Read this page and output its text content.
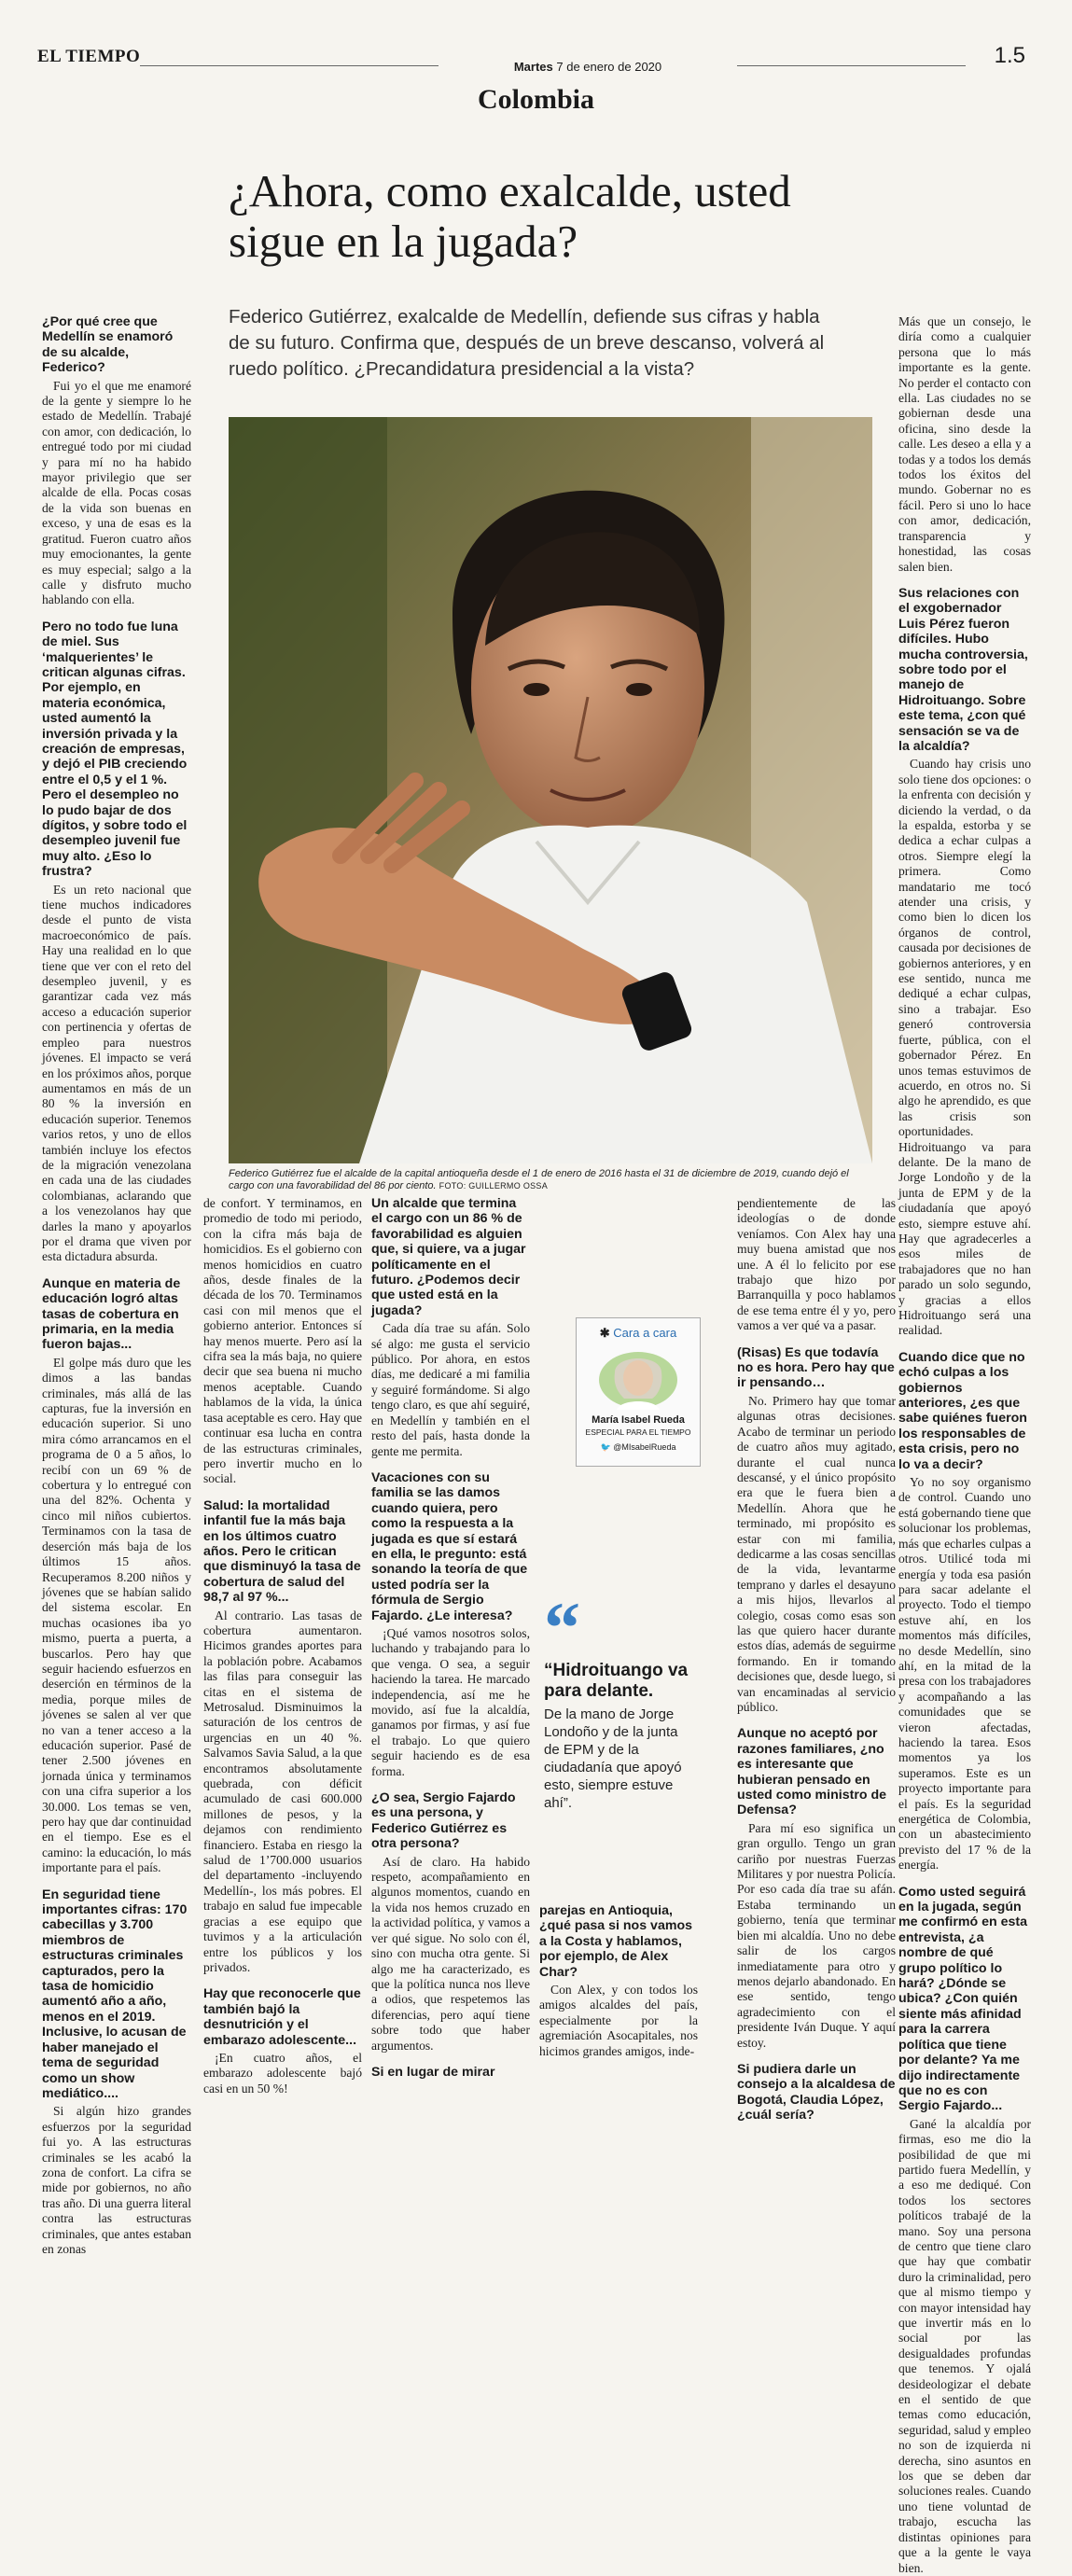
EL TIEMPO
Martes 7 de enero de 2020	1.5
Colombia
¿Ahora, como exalcalde, usted sigue en la jugada?
Federico Gutiérrez, exalcalde de Medellín, defiende sus cifras y habla de su futuro. Confirma que, después de un breve descanso, volverá al ruedo político. ¿Precandidatura presidencial a la vista?

¿Por qué cree que Medellín se enamoró de su alcalde, Federico?

Fui yo el que me enamoré de la gente y siempre lo he estado de Medellín. Trabajé con amor, con dedicación, lo entregué todo por mi ciudad y para mí no ha habido mayor privilegio que ser alcalde de ella. Pocas cosas de la vida son buenas en exceso, y una de esas es la gratitud. Fueron cuatro años muy emocionantes, la gente es muy especial; salgo a la calle y disfruto mucho hablando con ella.

Pero no todo fue luna de miel. Sus ‘malquerientes’ le critican algunas cifras. Por ejemplo, en materia económica, usted aumentó la inversión privada y la creación de empresas, y dejó el PIB creciendo entre el 0,5 y el 1 %. Pero el desempleo no lo pudo bajar de dos dígitos, y sobre todo el desempleo juvenil fue muy alto. ¿Eso lo frustra?

Es un reto nacional que tiene muchos indicadores desde el punto de vista macroeconómico de país. Hay una realidad en lo que tiene que ver con el reto del desempleo juvenil, y es garantizar cada vez más acceso a educación superior con pertinencia y ofertas de empleo para nuestros jóvenes. El impacto se verá en los próximos años, porque aumentamos en más de un 80 % la inversión en educación superior. Tenemos varios retos, y uno de ellos también incluye los efectos de la migración venezolana en cada una de las ciudades colombianas, aclarando que a los venezolanos hay que darles la mano y apoyarlos por el drama que viven por esta dictadura absurda.

Aunque en materia de educación logró altas tasas de cobertura en primaria, en la media fueron bajas...

El golpe más duro que les dimos a las bandas criminales, más allá de las capturas, fue la inversión en educación superior. Si uno mira cómo arrancamos en el programa de 0 a 5 años, lo recibí con un 69 % de cobertura y lo entregué con una del 82%. Ochenta y cinco mil niños cubiertos. Terminamos con la tasa de deserción más baja de los últimos 15 años. Recuperamos 8.200 niños y jóvenes que se habían salido del sistema escolar. En muchas ocasiones iba yo mismo, puerta a puerta, a buscarlos. Pero hay que seguir haciendo esfuerzos en deserción en términos de la media, porque miles de jóvenes se salen al ver que no van a tener acceso a la educación superior. Pasé de tener 2.500 jóvenes en jornada única y terminamos con una cifra superior a los 30.000. Los temas se ven, pero hay que dar continuidad en el tiempo. Ese es el camino: la educación, lo más importante para el país.

En seguridad tiene importantes cifras: 170 cabecillas y 3.700 miembros de estructuras criminales capturados, pero la tasa de homicidio aumentó año a año, menos en el 2019. Inclusive, lo acusan de haber manejado el tema de seguridad como un show mediático....

Si algún hizo grandes esfuerzos por la seguridad fui yo. A las estructuras criminales se les acabó la zona de confort. La cifra se mide por gobiernos, no año tras año. Di una guerra literal contra las estructuras criminales, que antes estaban en zonas

Federico Gutiérrez fue el alcalde de la capital antioqueña desde el 1 de enero de 2016 hasta el 31 de diciembre de 2019, cuando dejó el cargo con una favorabilidad del 86 por ciento. FOTO: GUILLERMO OSSA

de confort. Y terminamos, en promedio de todo mi periodo, con la cifra más baja de homicidios. Es el gobierno con menos homicidios en cuatro años, desde finales de la década de los 70. Terminamos casi con mil menos que el gobierno anterior. Entonces sí hay menos muerte. Pero así la cifra sea la más baja, no quiere decir que sea buena ni mucho menos aceptable. Cuando hablamos de la vida, la única tasa aceptable es cero. Hay que continuar esa lucha en contra de las estructuras criminales, pero invertir mucho en lo social.

Salud: la mortalidad infantil fue la más baja en los últimos cuatro años. Pero le critican que disminuyó la tasa de cobertura de salud del 98,7 al 97 %...

Al contrario. Las tasas de cobertura aumentaron. Hicimos grandes aportes para la población pobre. Acabamos las filas para conseguir las citas en el sistema de Metrosalud. Disminuimos la saturación de los centros de urgencias en un 40 %. Salvamos Savia Salud, a la que encontramos absolutamente quebrada, con déficit acumulado de casi 600.000 millones de pesos, y la dejamos con rendimiento financiero. Estaba en riesgo la salud de 1’700.000 usuarios del departamento -incluyendo Medellín-, los más pobres. El trabajo en salud fue impecable gracias a ese equipo que tuvimos y a la articulación entre los públicos y los privados.

Hay que reconocerle que también bajó la desnutrición y el embarazo adolescente...

¡En cuatro años, el embarazo adolescente bajó casi en un 50 %!

Un alcalde que termina el cargo con un 86 % de favorabilidad es alguien que, si quiere, va a jugar políticamente en el futuro. ¿Podemos decir que usted está en la jugada?

Cada día trae su afán. Solo sé algo: me gusta el servicio público. Por ahora, en estos días, me dedicaré a mi familia y seguiré formándome. Si algo tengo claro, es que ahí seguiré, en Medellín y también en el resto del país, hasta donde la gente me permita.

Vacaciones con su familia se las damos cuando quiera, pero como la respuesta a la jugada es que sí estará en ella, le pregunto: está sonando la teoría de que usted podría ser la fórmula de Sergio Fajardo. ¿Le interesa?

¡Qué vamos nosotros solos, luchando y trabajando para lo que venga. O sea, a seguir haciendo la tarea. He marcado independencia, así me he movido, así fue la alcaldía, ganamos por firmas, y así fue el trabajo. Lo que quiero seguir haciendo es de esa forma.

¿O sea, Sergio Fajardo es una persona, y Federico Gutiérrez es otra persona?

Así de claro. Ha habido respeto, acompañamiento en algunos momentos, cuando en la vida nos hemos cruzado en la actividad política, y vamos a ver qué sigue. No solo con él, sino con mucha otra gente. Si algo me ha caracterizado, es que la política nunca nos lleve a odios, que respetemos las diferencias, pero aquí tiene sobre todo que haber argumentos.

Si en lugar de mirar

✱ Cara a cara
María Isabel Rueda
ESPECIAL PARA EL TIEMPO
🐦 @MIsabelRueda
“
“Hidroituango va para delante.
De la mano de Jorge Londoño y de la junta de EPM y de la ciudadanía que apoyó esto, siempre estuve ahí”.

parejas en Antioquia, ¿qué pasa si nos vamos a la Costa y hablamos, por ejemplo, de Alex Char?

Con Alex, y con todos los amigos alcaldes del país, especialmente por la agremiación Asocapitales, nos hicimos grandes amigos, inde-

pendientemente de las ideologías o de donde veníamos. Con Alex hay una muy buena amistad que nos une. A él lo felicito por ese trabajo que hizo por Barranquilla y poco hablamos de ese tema entre él y yo, pero vamos a ver qué va a pasar.

(Risas) Es que todavía no es hora. Pero hay que ir pensando…

No. Primero hay que tomar algunas otras decisiones. Acabo de terminar un periodo de cuatro años muy agitado, durante el cual nunca descansé, y el único propósito era que le fuera bien a Medellín. Ahora que he terminado, mi propósito es estar con mi familia, dedicarme a las cosas sencillas de la vida, levantarme temprano y darles el desayuno a mis hijos, llevarlos al colegio, cosas como esas son las que quiero hacer durante estos días, además de seguirme formando. En ir tomando decisiones que, desde luego, si van encaminadas al servicio público.

Aunque no aceptó por razones familiares, ¿no es interesante que hubieran pensado en usted como ministro de Defensa?

Para mí eso significa un gran orgullo. Tengo un gran cariño por nuestras Fuerzas Militares y por nuestra Policía. Por eso cada día trae su afán. Estaba terminando un gobierno, tenía que terminar bien mi alcaldía. Uno no debe salir de los cargos inmediatamente para otro y menos dejarlo abandonado. En ese sentido, tengo agradecimiento con el presidente Iván Duque. Y aquí estoy.

Si pudiera darle un consejo a la alcaldesa de Bogotá, Claudia López, ¿cuál sería?

Más que un consejo, le diría como a cualquier persona que lo más importante es la gente. No perder el contacto con ella. Las ciudades no se gobiernan desde una oficina, sino desde la calle. Les deseo a ella y a todas y a todos los demás todos los éxitos del mundo. Gobernar no es fácil. Pero si uno lo hace con amor, dedicación, transparencia y honestidad, las cosas salen bien.

Sus relaciones con el exgobernador Luis Pérez fueron difíciles. Hubo mucha controversia, sobre todo por el manejo de Hidroituango. Sobre este tema, ¿con qué sensación se va de la alcaldía?

Cuando hay crisis uno solo tiene dos opciones: o la enfrenta con decisión y diciendo la verdad, o da la espalda, estorba y se dedica a echar culpas a otros. Siempre elegí la primera. Como mandatario me tocó atender una crisis, y como bien lo dicen los órganos de control, causada por decisiones de gobiernos anteriores, y en ese sentido, nunca me dediqué a echar culpas, sino a trabajar. Eso generó controversia fuerte, pública, con el gobernador Pérez. En unos temas estuvimos de acuerdo, en otros no. Si algo he aprendido, es que las crisis son oportunidades. Hidroituango va para delante. De la mano de Jorge Londoño y de la junta de EPM y de la ciudadanía que apoyó esto, siempre estuve ahí. Hay que agradecerles a esos miles de trabajadores que no han parado un solo segundo, y gracias a ellos Hidroituango será una realidad.

Cuando dice que no echó culpas a los gobiernos anteriores, ¿es que sabe quiénes fueron los responsables de esta crisis, pero no lo va a decir?

Yo no soy organismo de control. Cuando uno está gobernando tiene que solucionar los problemas, más que echarles culpas a otros. Utilicé toda mi energía y toda esa pasión para sacar adelante el proyecto. Todo el tiempo estuve ahí, en los momentos más difíciles, no desde Medellín, sino ahí, en la mitad de la presa con los trabajadores y acompañando a las comunidades que se vieron afectadas, haciendo la tarea. Esos momentos ya los superamos. Este es un proyecto importante para el país. Es la seguridad energética de Colombia, con un abastecimiento previsto del 17 % de la energía.

Como usted seguirá en la jugada, según me confirmó en esta entrevista, ¿a nombre de qué grupo político lo hará? ¿Dónde se ubica? ¿Con quién siente más afinidad para la carrera política que tiene por delante? Ya me dijo indirectamente que no es con Sergio Fajardo...

Gané la alcaldía por firmas, eso me dio la posibilidad de que mi partido fuera Medellín, y a eso me dediqué. Con todos los sectores políticos trabajé de la mano. Soy una persona de centro que tiene claro que hay que combatir duro la criminalidad, pero que al mismo tiempo y con mayor intensidad hay que invertir más en lo social por las desigualdades profundas que tenemos. Y ojalá desideologizar el debate en el sentido de que temas como educación, seguridad, salud y empleo no son de izquierda ni derecha, sino asuntos en los que se deben dar soluciones reales. Cuando uno tiene voluntad de trabajo, escucha las distintas opiniones para que a la gente le vaya bien.
